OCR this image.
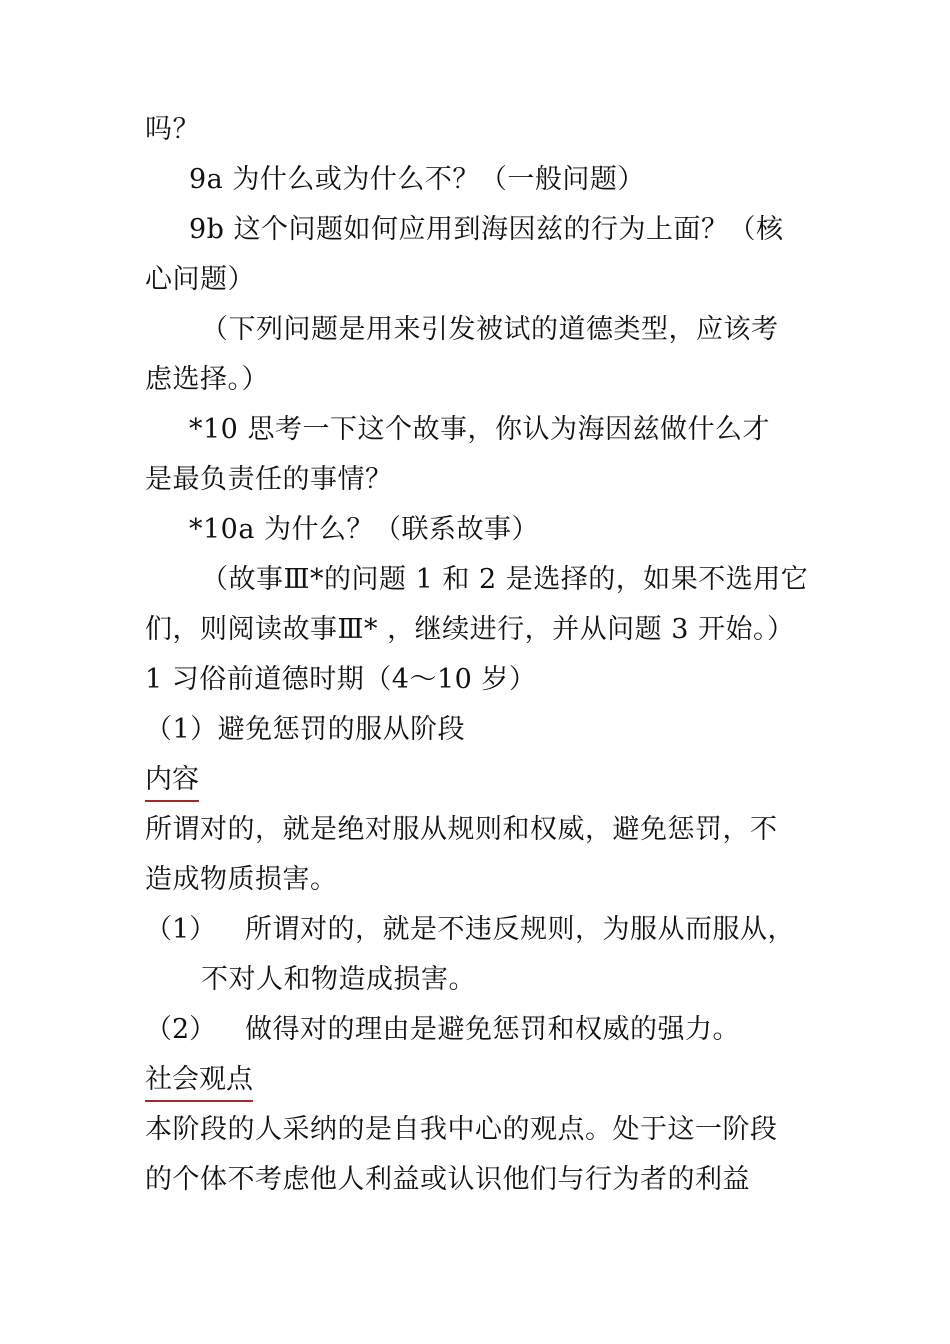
吗？
9a 为什么或为什么不？（一般问题）
9b 这个问题如何应用到海因兹的行为上面？（核
心问题）
（下列问题是用来引发被试的道德类型，应该考
虑选择。）
*10 思考一下这个故事，你认为海因兹做什么才
是最负责任的事情？
*10a 为什么？（联系故事）
（故事Ⅲ*的问题 1 和 2 是选择的，如果不选用它
们，则阅读故事Ⅲ* ，继续进行，并从问题 3 开始。）
1 习俗前道德时期（4～10 岁）
（1）避免惩罚的服从阶段
内容
所谓对的，就是绝对服从规则和权威，避免惩罚，不
造成物质损害。
（1） 所谓对的，就是不违反规则，为服从而服从，
不对人和物造成损害。
（2） 做得对的理由是避免惩罚和权威的强力。
社会观点
本阶段的人采纳的是自我中心的观点。处于这一阶段
的个体不考虑他人利益或认识他们与行为者的利益
